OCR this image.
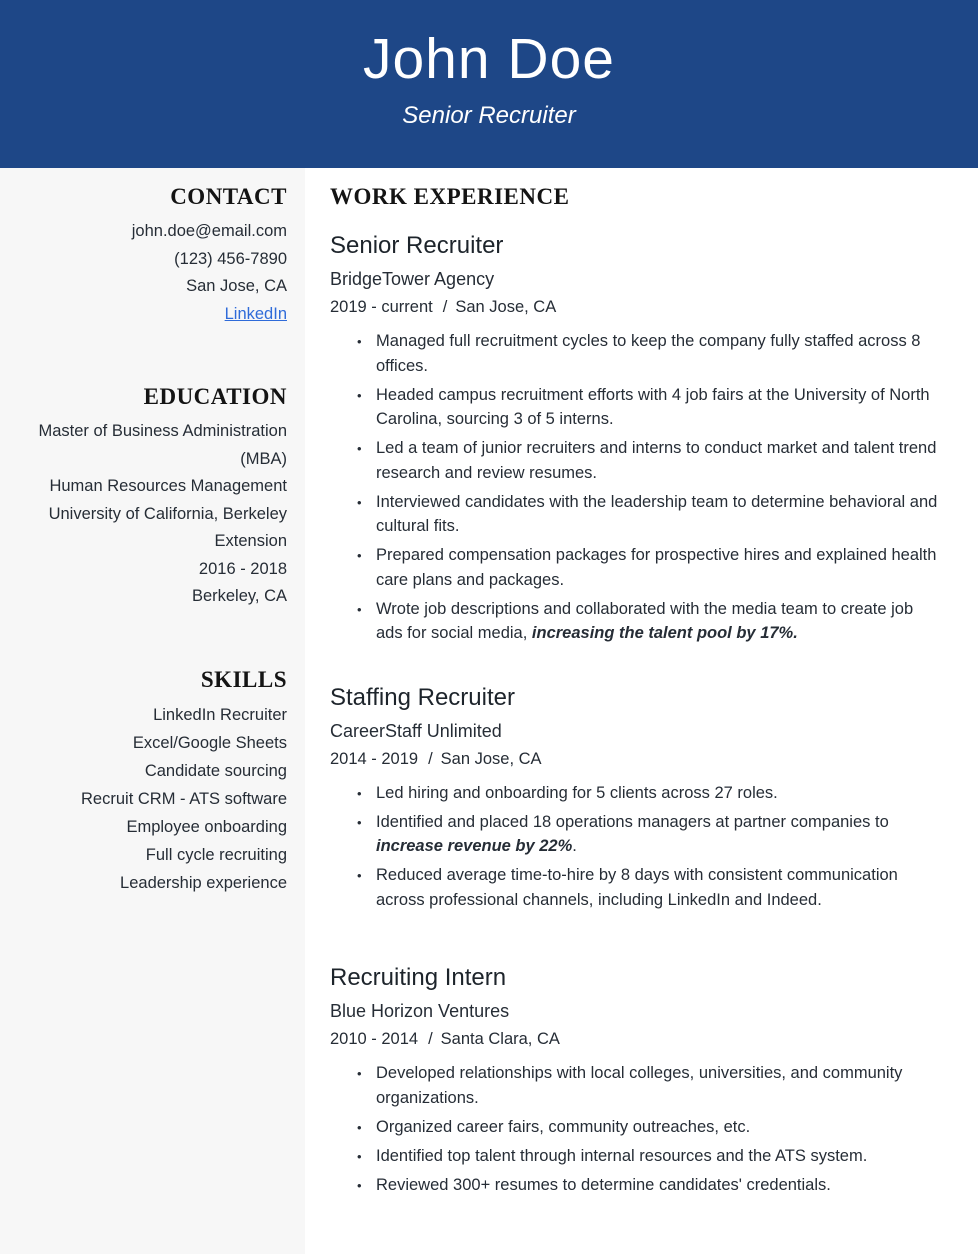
John Doe
Senior Recruiter
CONTACT
john.doe@email.com
(123) 456-7890
San Jose, CA
LinkedIn
EDUCATION
Master of Business Administration (MBA)
Human Resources Management
University of California, Berkeley Extension
2016 - 2018
Berkeley, CA
SKILLS
LinkedIn Recruiter
Excel/Google Sheets
Candidate sourcing
Recruit CRM - ATS software
Employee onboarding
Full cycle recruiting
Leadership experience
WORK EXPERIENCE
Senior Recruiter
BridgeTower Agency
2019 - current / San Jose, CA
• Managed full recruitment cycles to keep the company fully staffed across 8 offices.
• Headed campus recruitment efforts with 4 job fairs at the University of North Carolina, sourcing 3 of 5 interns.
• Led a team of junior recruiters and interns to conduct market and talent trend research and review resumes.
• Interviewed candidates with the leadership team to determine behavioral and cultural fits.
• Prepared compensation packages for prospective hires and explained health care plans and packages.
• Wrote job descriptions and collaborated with the media team to create job ads for social media, increasing the talent pool by 17%.
Staffing Recruiter
CareerStaff Unlimited
2014 - 2019 / San Jose, CA
• Led hiring and onboarding for 5 clients across 27 roles.
• Identified and placed 18 operations managers at partner companies to increase revenue by 22%.
• Reduced average time-to-hire by 8 days with consistent communication across professional channels, including LinkedIn and Indeed.
Recruiting Intern
Blue Horizon Ventures
2010 - 2014 / Santa Clara, CA
• Developed relationships with local colleges, universities, and community organizations.
• Organized career fairs, community outreaches, etc.
• Identified top talent through internal resources and the ATS system.
• Reviewed 300+ resumes to determine candidates' credentials.
